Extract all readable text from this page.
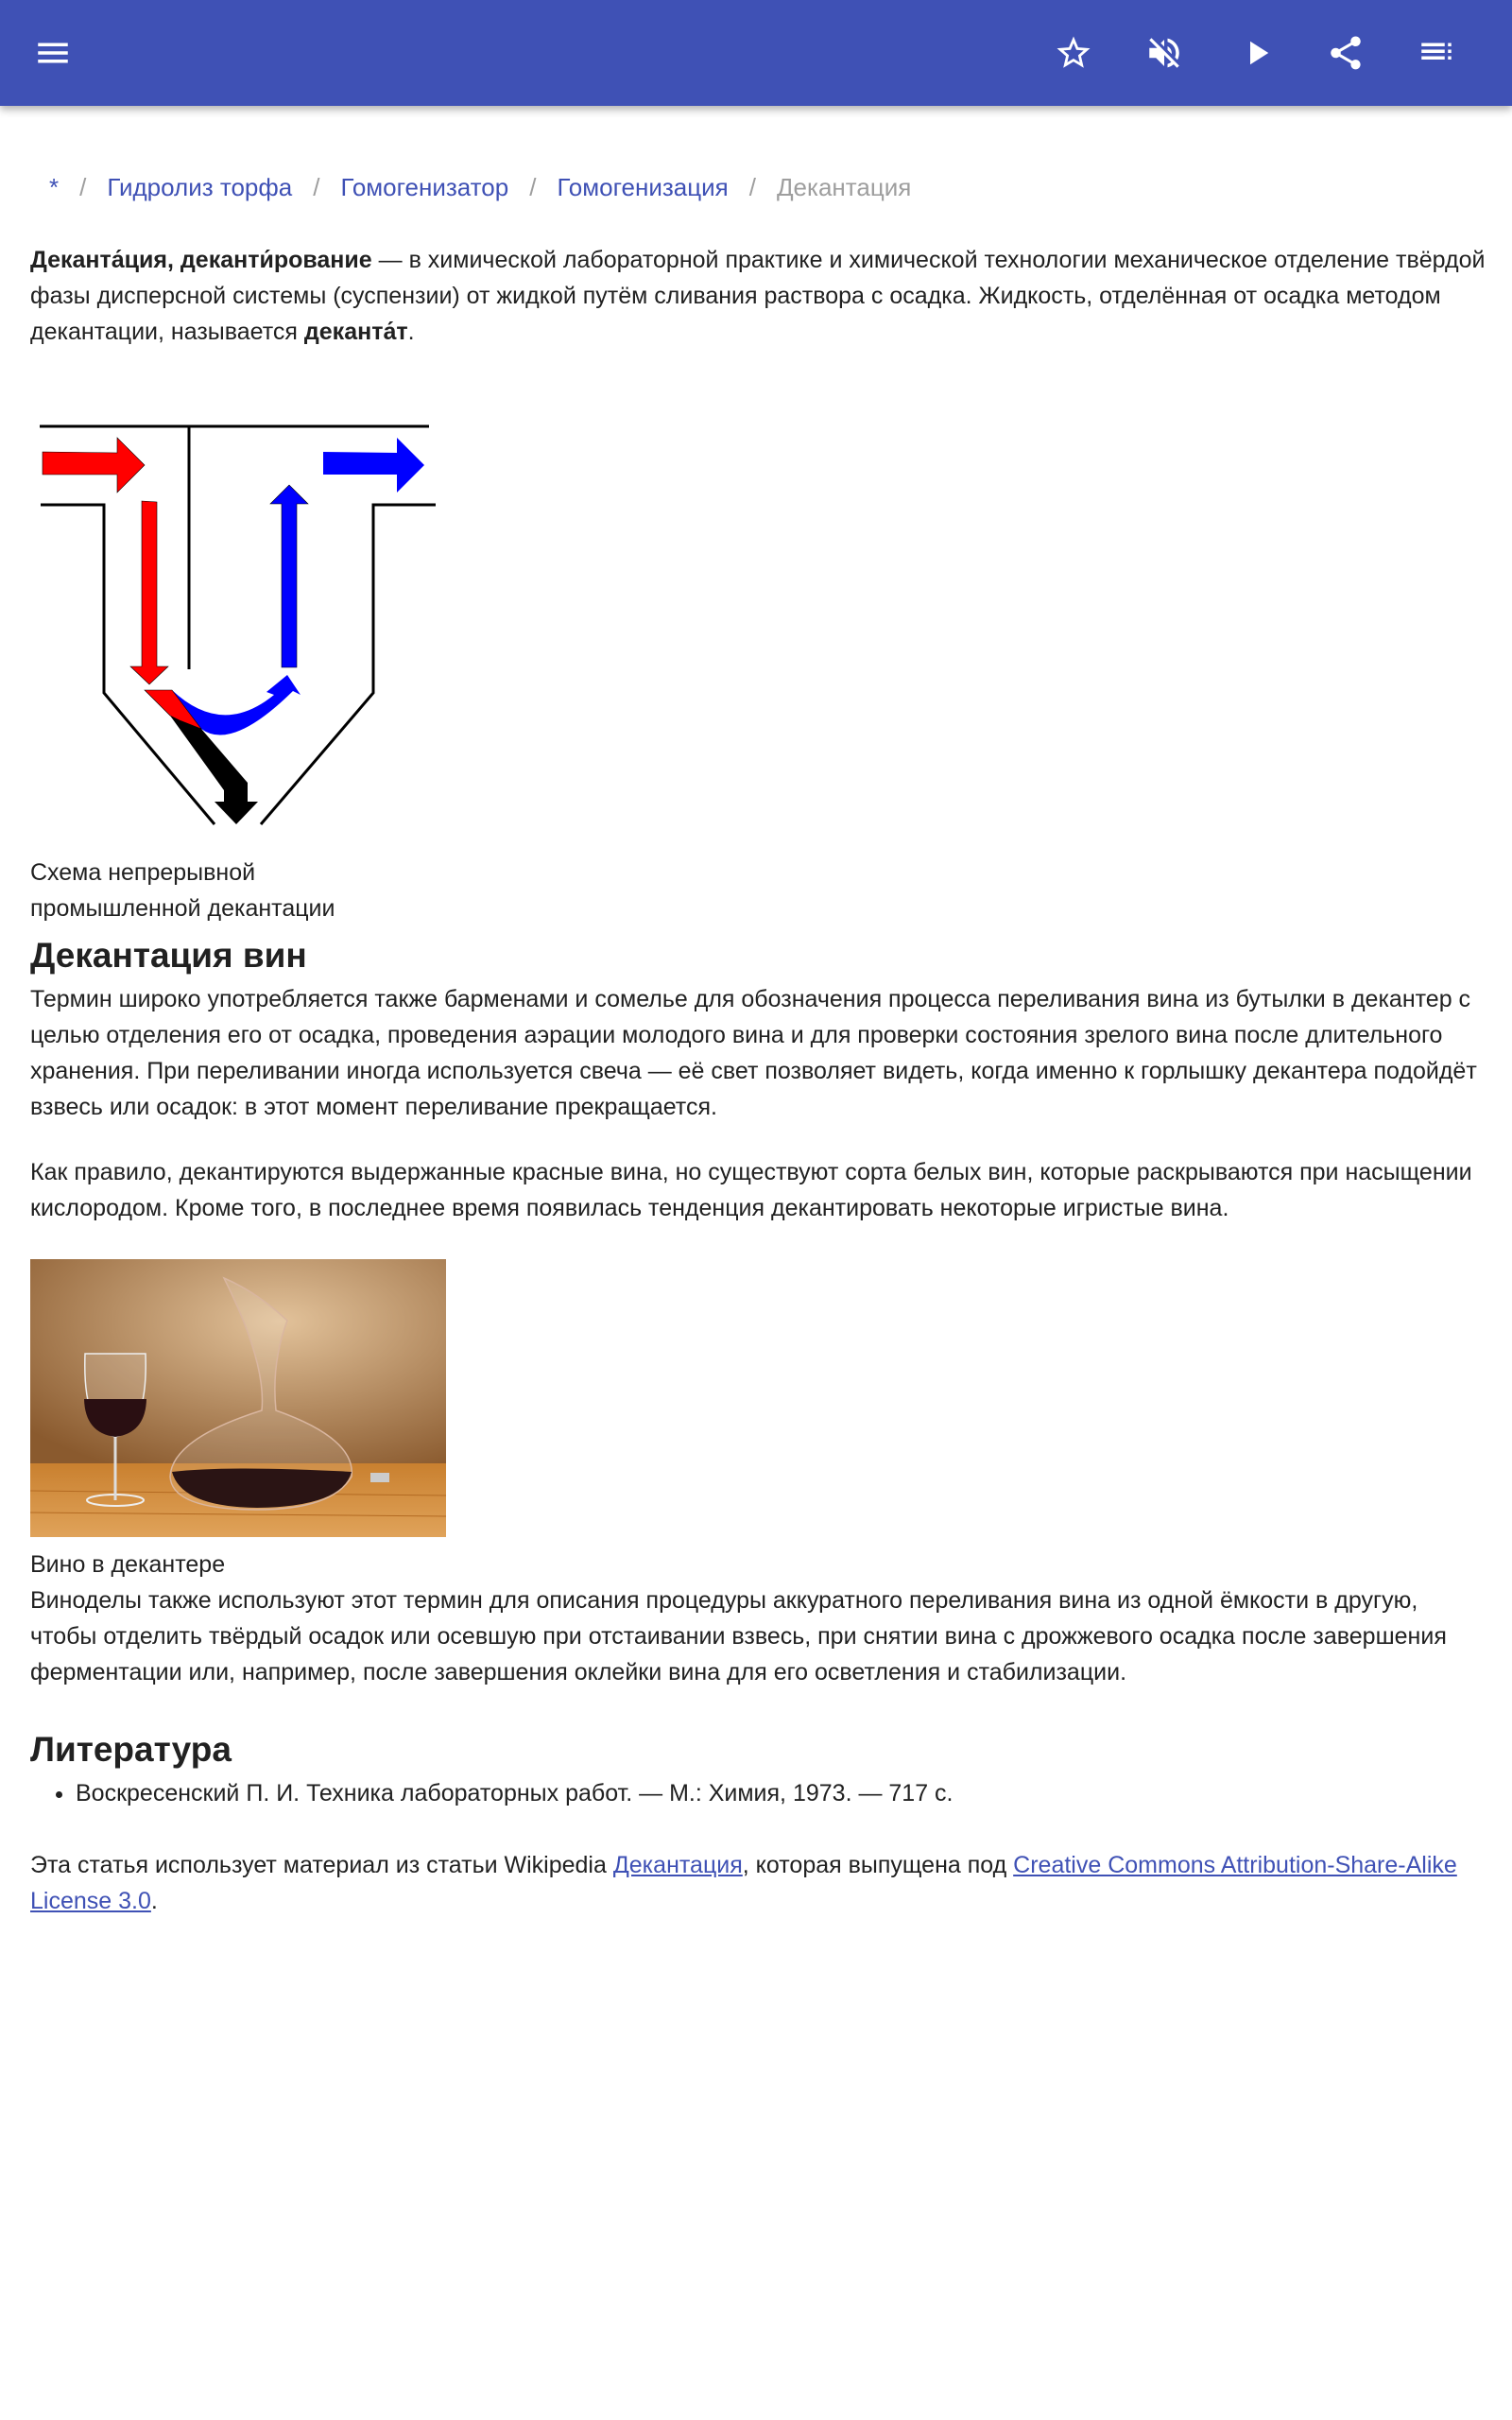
* / Гидролиз торфа / Гомогенизатор / Гомогенизация / Декантация

Деканта́ция, деканти́рование — в химической лабораторной практике и химической технологии механическое отделение твёрдой фазы дисперсной системы (суспензии) от жидкой путём сливания раствора с осадка. Жидкость, отделённая от осадка методом декантации, называется деканта́т.

Схема непрерывной промышленной декантации
Декантация вин
Термин широко употребляется также барменами и сомелье для обозначения процесса переливания вина из бутылки в декантер с целью отделения его от осадка, проведения аэрации молодого вина и для проверки состояния зрелого вина после длительного хранения. При переливании иногда используется свеча — её свет позволяет видеть, когда именно к горлышку декантера подойдёт взвесь или осадок: в этот момент переливание прекращается.
Как правило, декантируются выдержанные красные вина, но существуют сорта белых вин, которые раскрываются при насыщении кислородом. Кроме того, в последнее время появилась тенденция декантировать некоторые игристые вина.
Вино в декантере
Виноделы также используют этот термин для описания процедуры аккуратного переливания вина из одной ёмкости в другую, чтобы отделить твёрдый осадок или осевшую при отстаивании взвесь, при снятии вина с дрожжевого осадка после завершения ферментации или, например, после завершения оклейки вина для его осветления и стабилизации.
Литература
• Воскресенский П. И. Техника лабораторных работ. — М.: Химия, 1973. — 717 с.
Эта статья использует материал из статьи Wikipedia Декантация, которая выпущена под Creative Commons Attribution-Share-Alike License 3.0.
